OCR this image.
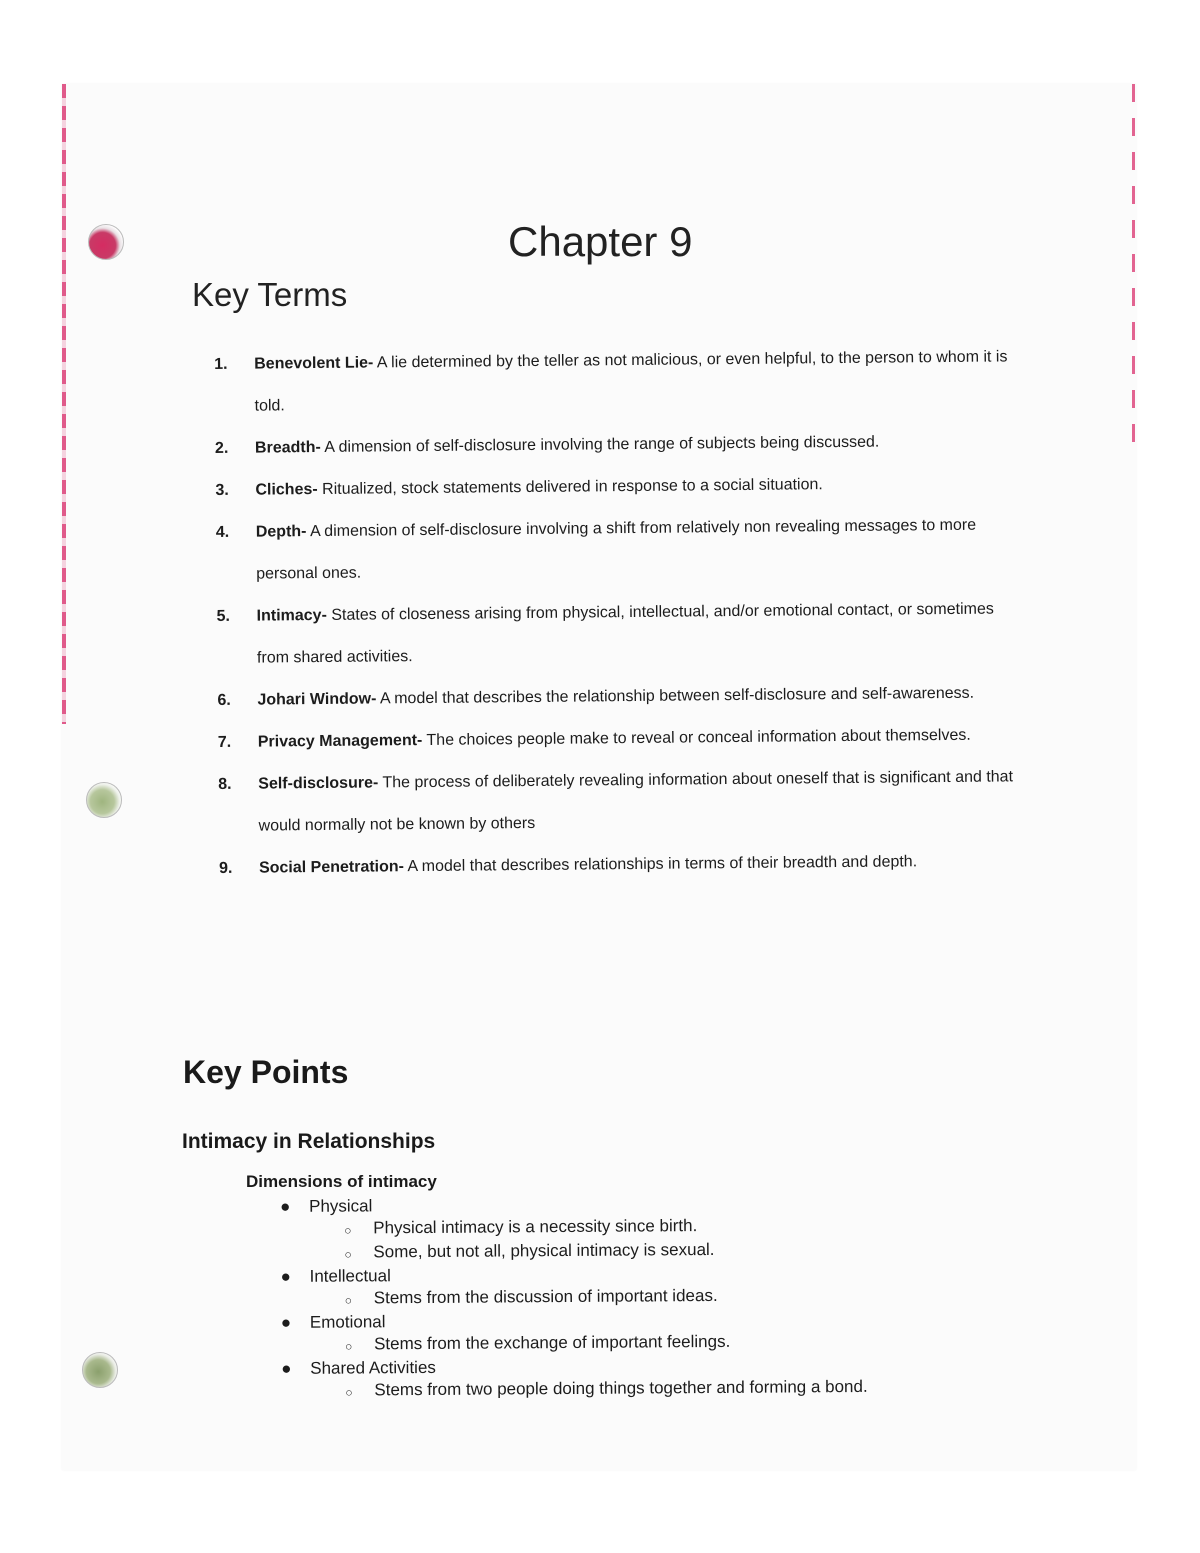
Chapter 9
Key Terms
1.	Benevolent Lie- A lie determined by the teller as not malicious, or even helpful, to the person to whom it is told.
2.	Breadth- A dimension of self-disclosure involving the range of subjects being discussed.
3.	Cliches- Ritualized, stock statements delivered in response to a social situation.
4.	Depth- A dimension of self-disclosure involving a shift from relatively non revealing messages to more personal ones.
5.	Intimacy- States of closeness arising from physical, intellectual, and/or emotional contact, or sometimes from shared activities.
6.	Johari Window- A model that describes the relationship between self-disclosure and self-awareness.
7.	Privacy Management- The choices people make to reveal or conceal information about themselves.
8.	Self-disclosure- The process of deliberately revealing information about oneself that is significant and that would normally not be known by others
9.	Social Penetration- A model that describes relationships in terms of their breadth and depth.
Key Points
Intimacy in Relationships
Dimensions of intimacy
●	Physical
○	Physical intimacy is a necessity since birth.
○	Some, but not all, physical intimacy is sexual.
●	Intellectual
○	Stems from the discussion of important ideas.
●	Emotional
○	Stems from the exchange of important feelings.
●	Shared Activities
○	Stems from two people doing things together and forming a bond.
